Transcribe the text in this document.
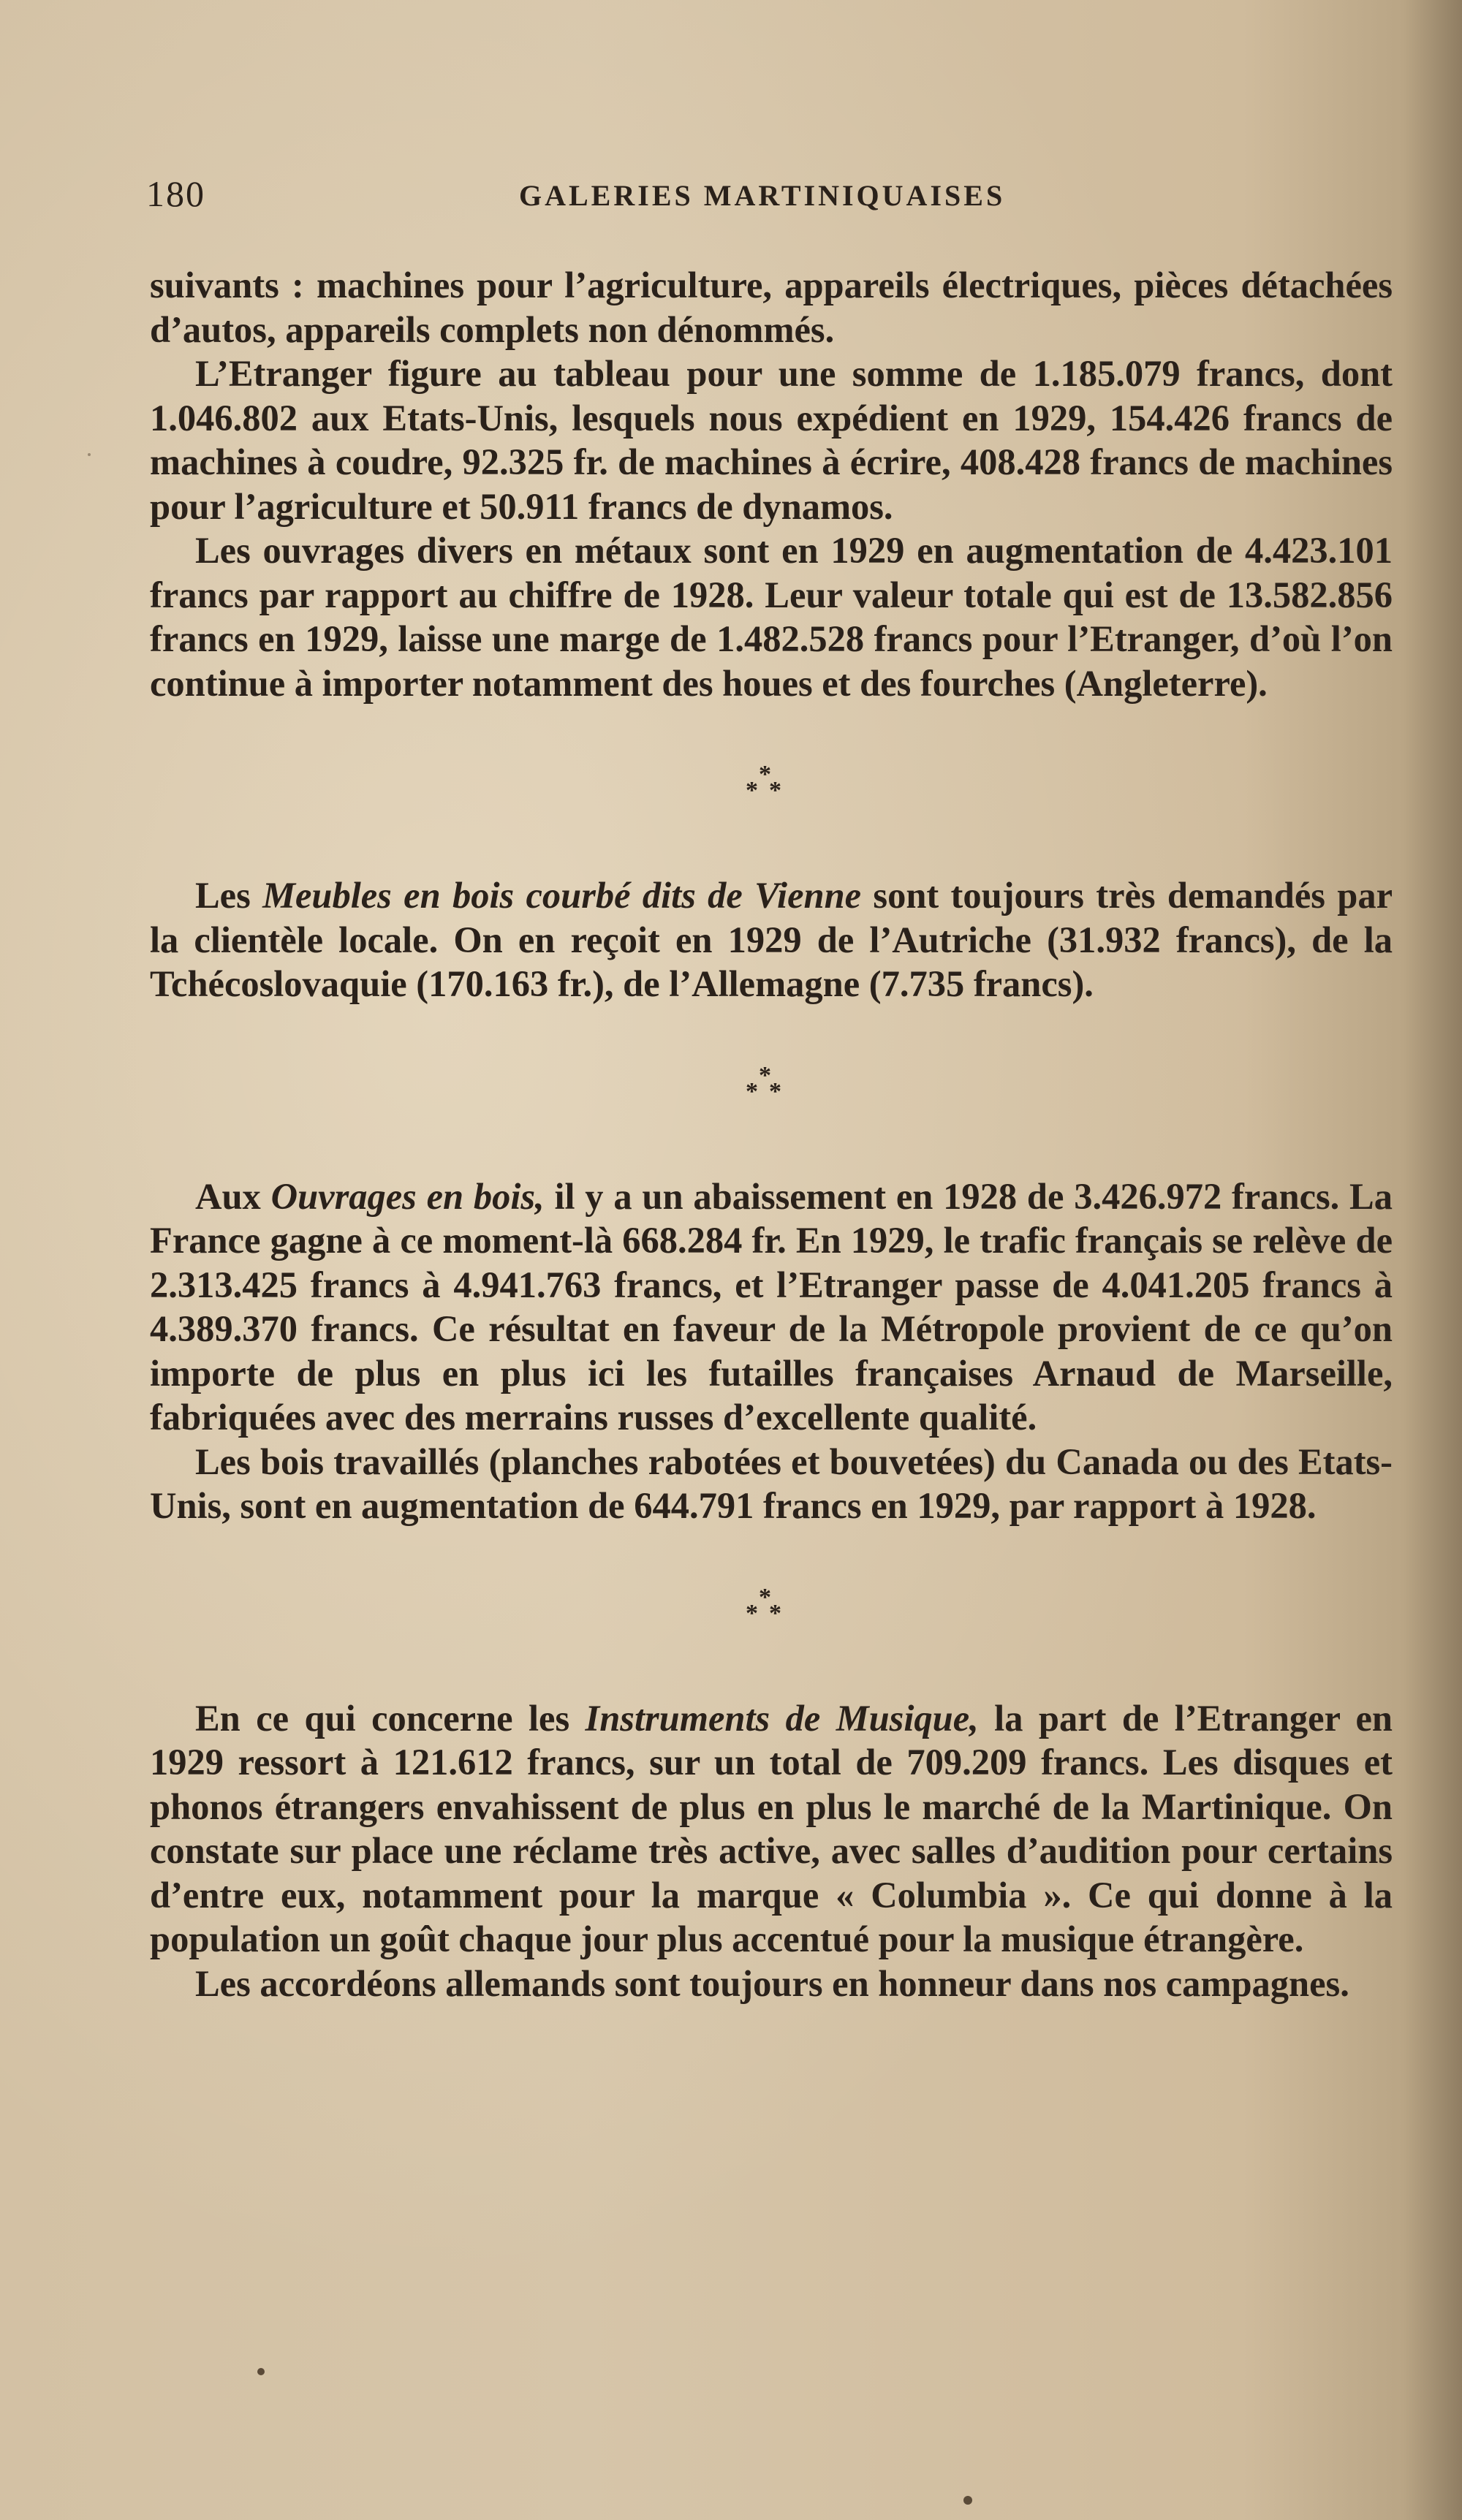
180	GALERIES MARTINIQUAISES

suivants : machines pour l’agriculture, appareils électriques, pièces détachées d’autos, appareils complets non dénommés.

L’Etranger figure au tableau pour une somme de 1.185.079 francs, dont 1.046.802 aux Etats-Unis, lesquels nous expédient en 1929, 154.426 francs de machines à coudre, 92.325 fr. de machines à écrire, 408.428 francs de machines pour l’agriculture et 50.911 francs de dynamos.

Les ouvrages divers en métaux sont en 1929 en augmentation de 4.423.101 francs par rapport au chiffre de 1928. Leur valeur totale qui est de 13.582.856 francs en 1929, laisse une marge de 1.482.528 francs pour l’Etranger, d’où l’on continue à importer notamment des houes et des fourches (Angleterre).

*
* *

Les Meubles en bois courbé dits de Vienne sont toujours très demandés par la clientèle locale. On en reçoit en 1929 de l’Autriche (31.932 francs), de la Tchécoslovaquie (170.163 fr.), de l’Allemagne (7.735 francs).

*
* *

Aux Ouvrages en bois, il y a un abaissement en 1928 de 3.426.972 francs. La France gagne à ce moment-là 668.284 fr. En 1929, le trafic français se relève de 2.313.425 francs à 4.941.763 francs, et l’Etranger passe de 4.041.205 francs à 4.389.370 francs. Ce résultat en faveur de la Métropole provient de ce qu’on importe de plus en plus ici les futailles françaises Arnaud de Marseille, fabriquées avec des merrains russes d’excellente qualité.

Les bois travaillés (planches rabotées et bouvetées) du Canada ou des Etats-Unis, sont en augmentation de 644.791 francs en 1929, par rapport à 1928.

*
* *

En ce qui concerne les Instruments de Musique, la part de l’Etranger en 1929 ressort à 121.612 francs, sur un total de 709.209 francs. Les disques et phonos étrangers envahissent de plus en plus le marché de la Martinique. On constate sur place une réclame très active, avec salles d’audition pour certains d’entre eux, notamment pour la marque « Columbia ». Ce qui donne à la population un goût chaque jour plus accentué pour la musique étrangère.

Les accordéons allemands sont toujours en honneur dans nos campagnes.
